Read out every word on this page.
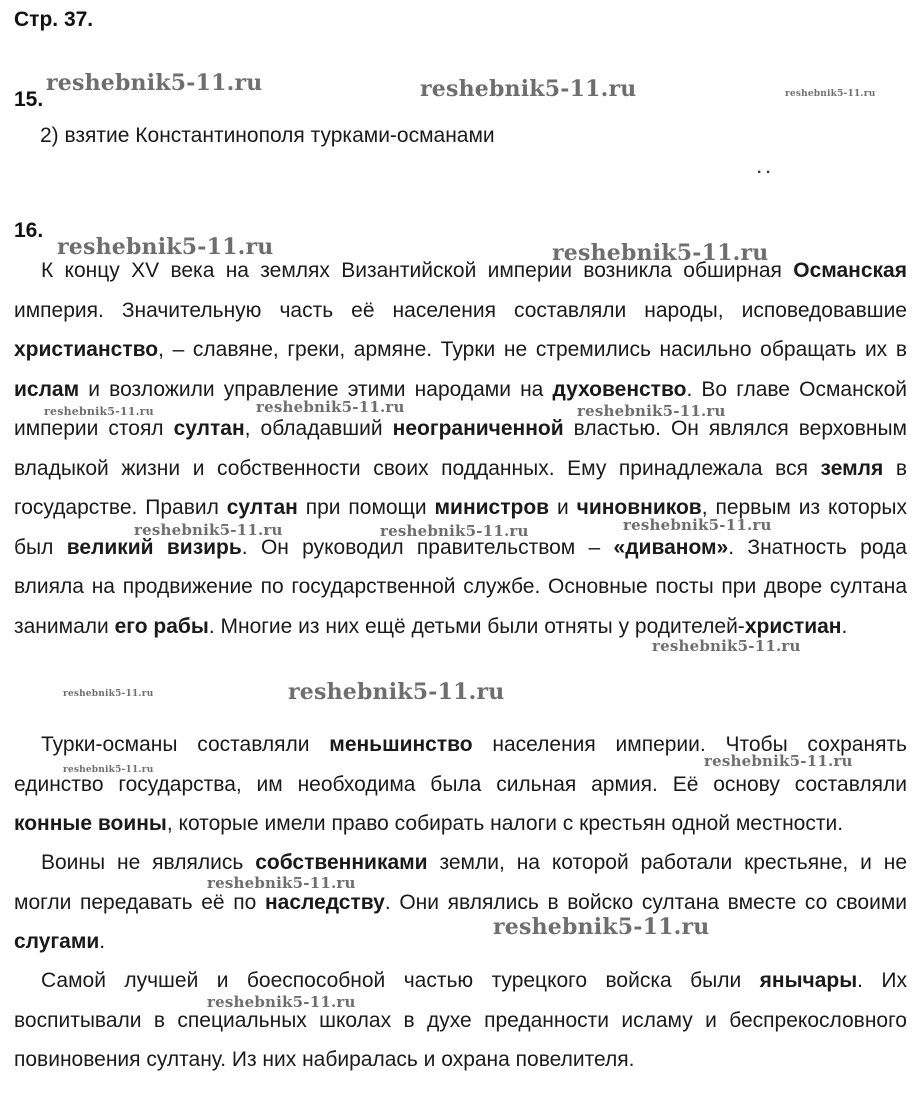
Стр. 37.
15.
2) взятие Константинополя турками-османами
. .
16.

К концу XV века на землях Византийской империи возникла обширная Османская империя. Значительную часть её населения составляли народы, исповедовавшие христианство, – славяне, греки, армяне. Турки не стремились насильно обращать их в ислам и возложили управление этими народами на духовенство. Во главе Османской империи стоял султан, обладавший неограниченной властью. Он являлся верховным владыкой жизни и собственности своих подданных. Ему принадлежала вся земля в государстве. Правил султан при помощи министров и чиновников, первым из которых был великий визирь. Он руководил правительством – «диваном». Знатность рода влияла на продвижение по государственной службе. Основные посты при дворе султана занимали его рабы. Многие из них ещё детьми были отняты у родителей-христиан.

Турки-османы составляли меньшинство населения империи. Чтобы сохранять единство государства, им необходима была сильная армия. Её основу составляли конные воины, которые имели право собирать налоги с крестьян одной местности.

Воины не являлись собственниками земли, на которой работали крестьяне, и не могли передавать её по наследству. Они являлись в войско султана вместе со своими слугами.

Самой лучшей и боеспособной частью турецкого войска были янычары. Их воспитывали в специальных школах в духе преданности исламу и беспрекословного повиновения султану. Из них набиралась и охрана повелителя.

reshebnik5-11.ru	reshebnik5-11.ru	reshebnik5-11.ru
reshebnik5-11.ru	reshebnik5-11.ru
reshebnik5-11.ru	reshebnik5-11.ru	reshebnik5-11.ru
reshebnik5-11.ru	reshebnik5-11.ru	reshebnik5-11.ru
reshebnik5-11.ru
reshebnik5-11.ru	reshebnik5-11.ru
reshebnik5-11.ru	reshebnik5-11.ru
reshebnik5-11.ru
reshebnik5-11.ru
reshebnik5-11.ru
